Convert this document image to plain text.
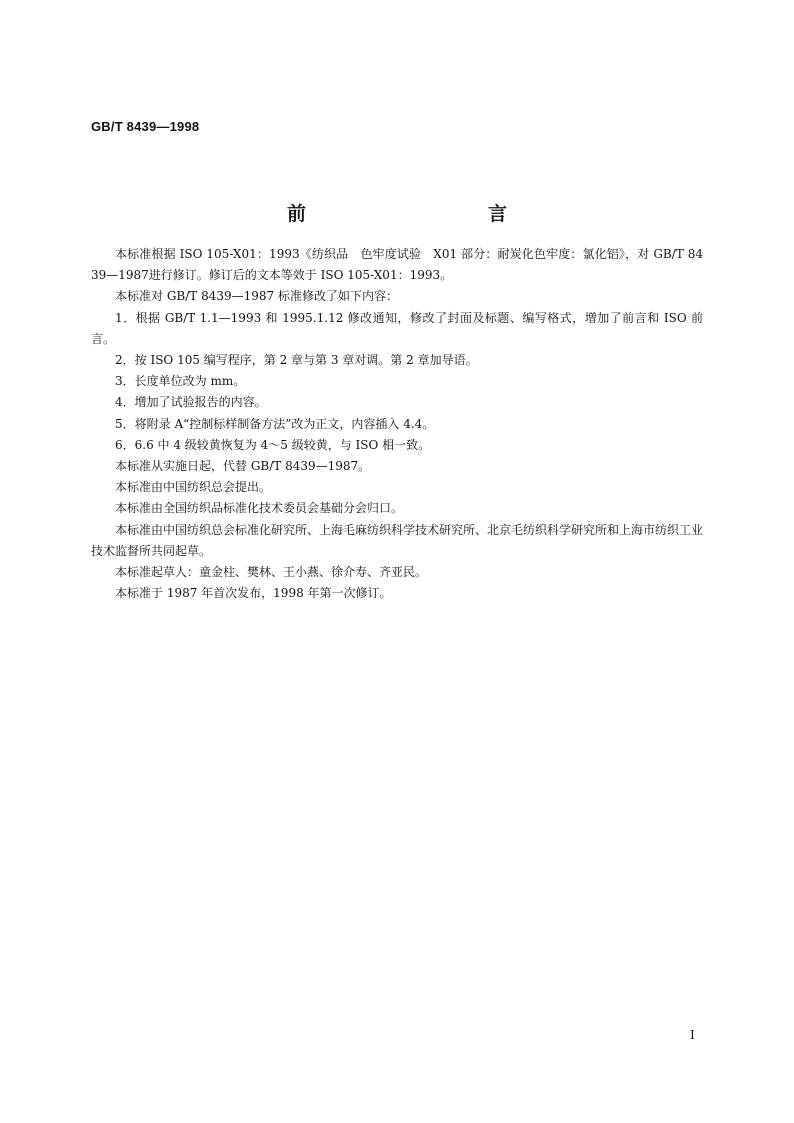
GB/T 8439—1998
前　　言

本标准根据 ISO 105-X01：1993《纺织品　色牢度试验　X01 部分：耐炭化色牢度：氯化铝》，对 GB/T 8439—1987进行修订。修订后的文本等效于 ISO 105-X01：1993。

本标准对 GB/T 8439—1987 标准修改了如下内容：

1．根据 GB/T 1.1—1993 和 1995.1.12 修改通知，修改了封面及标题、编写格式，增加了前言和 ISO 前言。

2．按 ISO 105 编写程序，第 2 章与第 3 章对调。第 2 章加导语。

3．长度单位改为 mm。

4．增加了试验报告的内容。

5．将附录 A“控制标样制备方法”改为正文，内容插入 4.4。

6．6.6 中 4 级较黄恢复为 4～5 级较黄，与 ISO 相一致。

本标准从实施日起，代替 GB/T 8439—1987。

本标准由中国纺织总会提出。

本标准由全国纺织品标准化技术委员会基础分会归口。

本标准由中国纺织总会标准化研究所、上海毛麻纺织科学技术研究所、北京毛纺织科学研究所和上海市纺织工业技术监督所共同起草。

本标准起草人：童金柱、樊林、王小燕、徐介寿、齐亚民。

本标准于 1987 年首次发布，1998 年第一次修订。

I
